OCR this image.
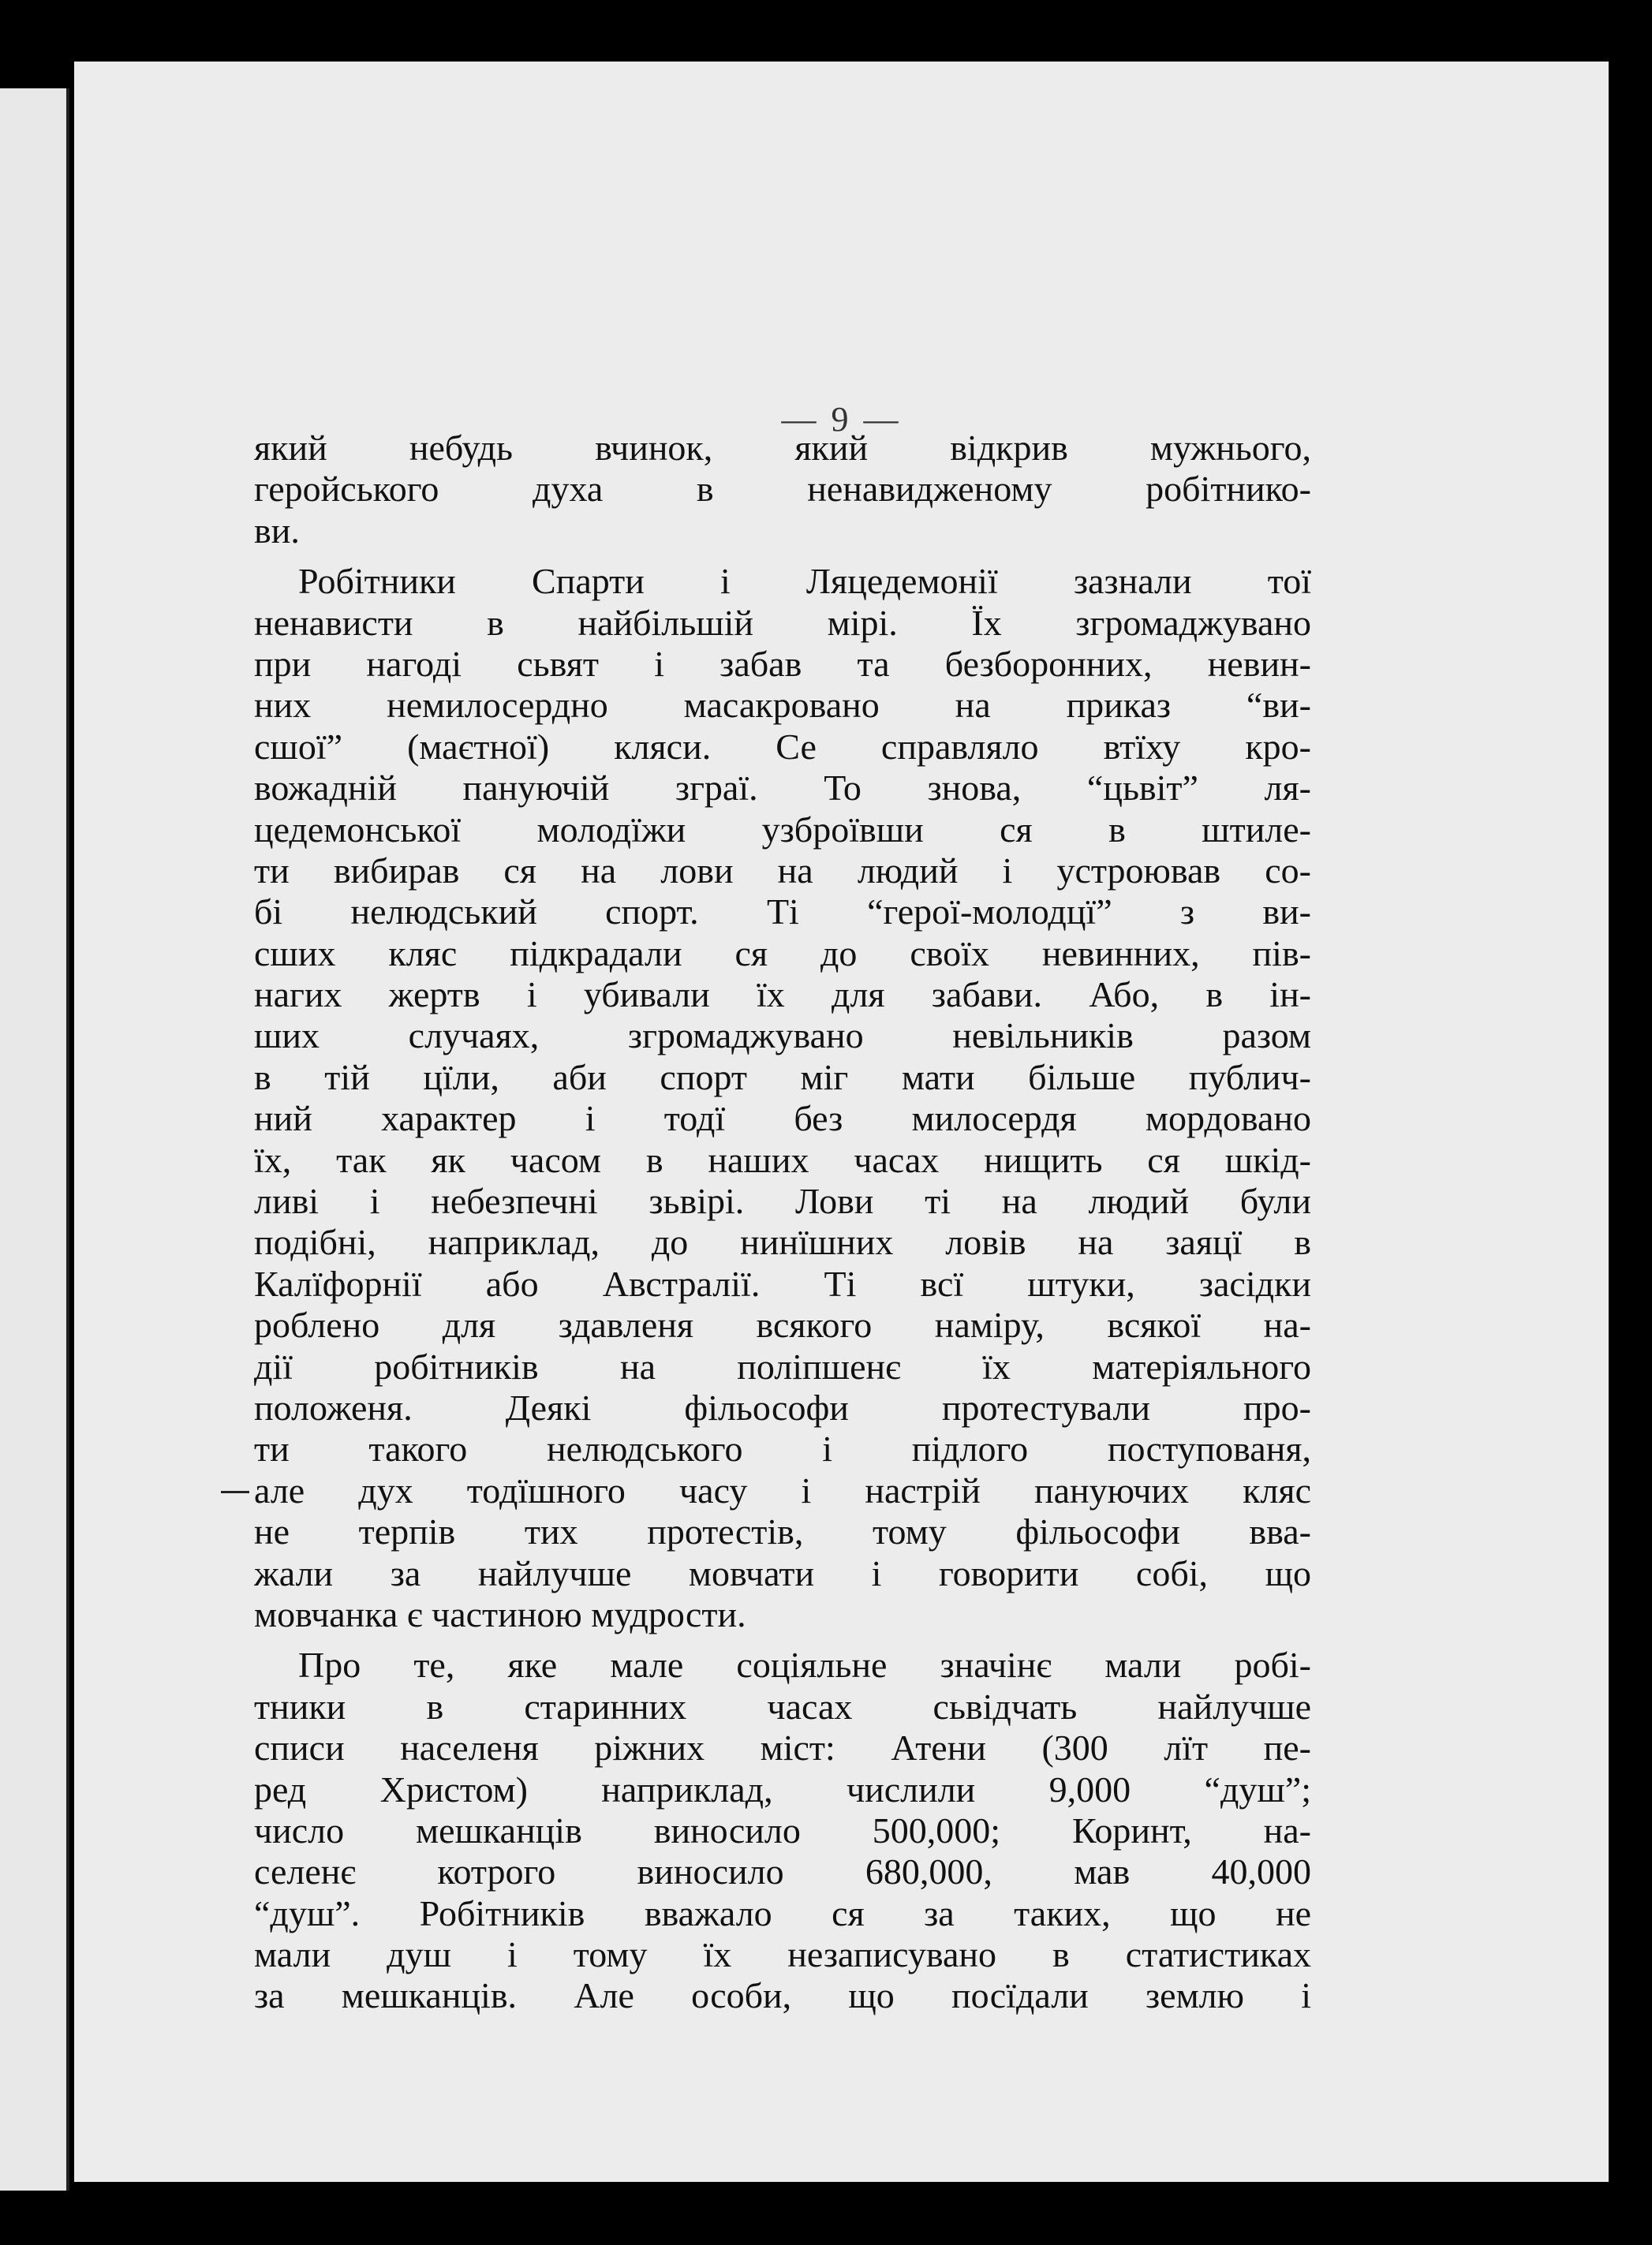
— 9 —
який небудь вчинок, який відкрив мужнього,
геройського духа в ненавидженому робітнико-
ви.
Робітники Спарти і Ляцедемонії зазнали тої
ненависти в найбільшій мірі. Їх згромаджувано
при нагоді сьвят і забав та безборонних, невин-
них немилосердно масакровано на приказ “ви-
сшої” (маєтної) кляси. Се справляло втїху кро-
вожадній пануючій зграї. То знова, “цьвіт” ля-
цедемонської молодїжи узброївши ся в штиле-
ти вибирав ся на лови на людий і устроював со-
бі нелюдський спорт. Ті “герої-молодцї” з ви-
сших кляс підкрадали ся до своїх невинних, пів-
нагих жертв і убивали їх для забави. Або, в ін-
ших случаях, згромаджувано невільників разом
в тій цїли, аби спорт міг мати більше публич-
ний характер і тодї без милосердя мордовано
їх, так як часом в наших часах нищить ся шкід-
ливі і небезпечні зьвірі. Лови ті на людий були
подібні, наприклад, до нинїшних ловів на заяцї в
Калїфорнії або Австралії. Ті всї штуки, засідки
роблено для здавленя всякого наміру, всякої на-
дії робітників на поліпшенє їх матеріяльного
положеня. Деякі фільософи протестували про-
ти такого нелюдського і підлого поступованя,
але дух тодїшного часу і настрій пануючих кляс
не терпів тих протестів, тому фільософи вва-
жали за найлучше мовчати і говорити собі, що
мовчанка є частиною мудрости.
Про те, яке мале соціяльне значінє мали робі-
тники в старинних часах сьвідчать найлучше
списи населеня ріжних міст: Атени (300 лїт пе-
ред Христом) наприклад, числили 9,000 “душ”;
число мешканців виносило 500,000; Коринт, на-
селенє котрого виносило 680,000, мав 40,000
“душ”. Робітників вважало ся за таких, що не
мали душ і тому їх незаписувано в статистиках
за мешканців. Але особи, що посїдали землю і
